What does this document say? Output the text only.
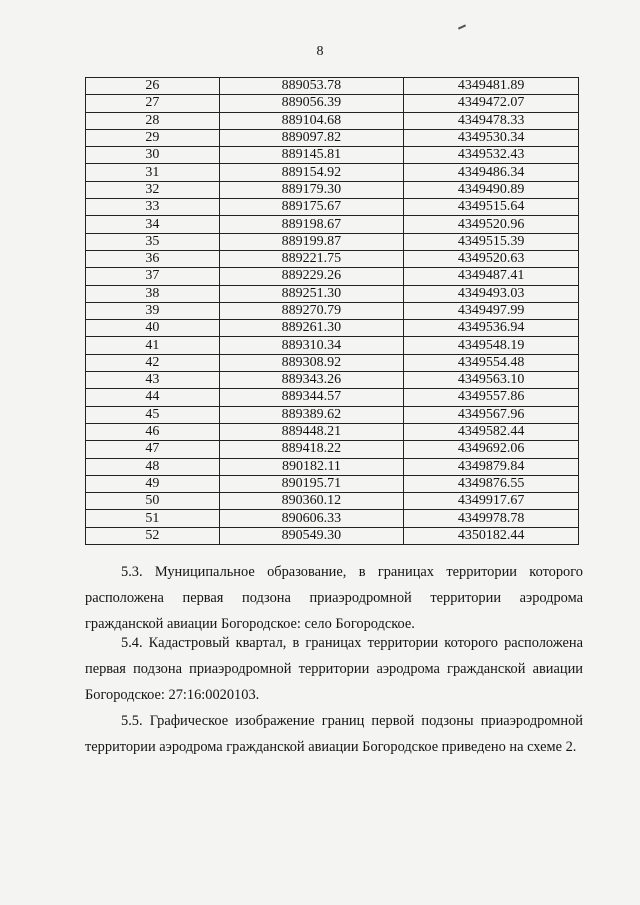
8
26	889053.78	4349481.89
27	889056.39	4349472.07
28	889104.68	4349478.33
29	889097.82	4349530.34
30	889145.81	4349532.43
31	889154.92	4349486.34
32	889179.30	4349490.89
33	889175.67	4349515.64
34	889198.67	4349520.96
35	889199.87	4349515.39
36	889221.75	4349520.63
37	889229.26	4349487.41
38	889251.30	4349493.03
39	889270.79	4349497.99
40	889261.30	4349536.94
41	889310.34	4349548.19
42	889308.92	4349554.48
43	889343.26	4349563.10
44	889344.57	4349557.86
45	889389.62	4349567.96
46	889448.21	4349582.44
47	889418.22	4349692.06
48	890182.11	4349879.84
49	890195.71	4349876.55
50	890360.12	4349917.67
51	890606.33	4349978.78
52	890549.30	4350182.44

5.3. Муниципальное образование, в границах территории которого расположена первая подзона приаэродромной территории аэродрома гражданской авиации Богородское: село Богородское.

5.4. Кадастровый квартал, в границах территории которого расположена первая подзона приаэродромной территории аэродрома гражданской авиации Богородское: 27:16:0020103.

5.5. Графическое изображение границ первой подзоны приаэродромной территории аэродрома гражданской авиации Богородское приведено на схеме 2.
